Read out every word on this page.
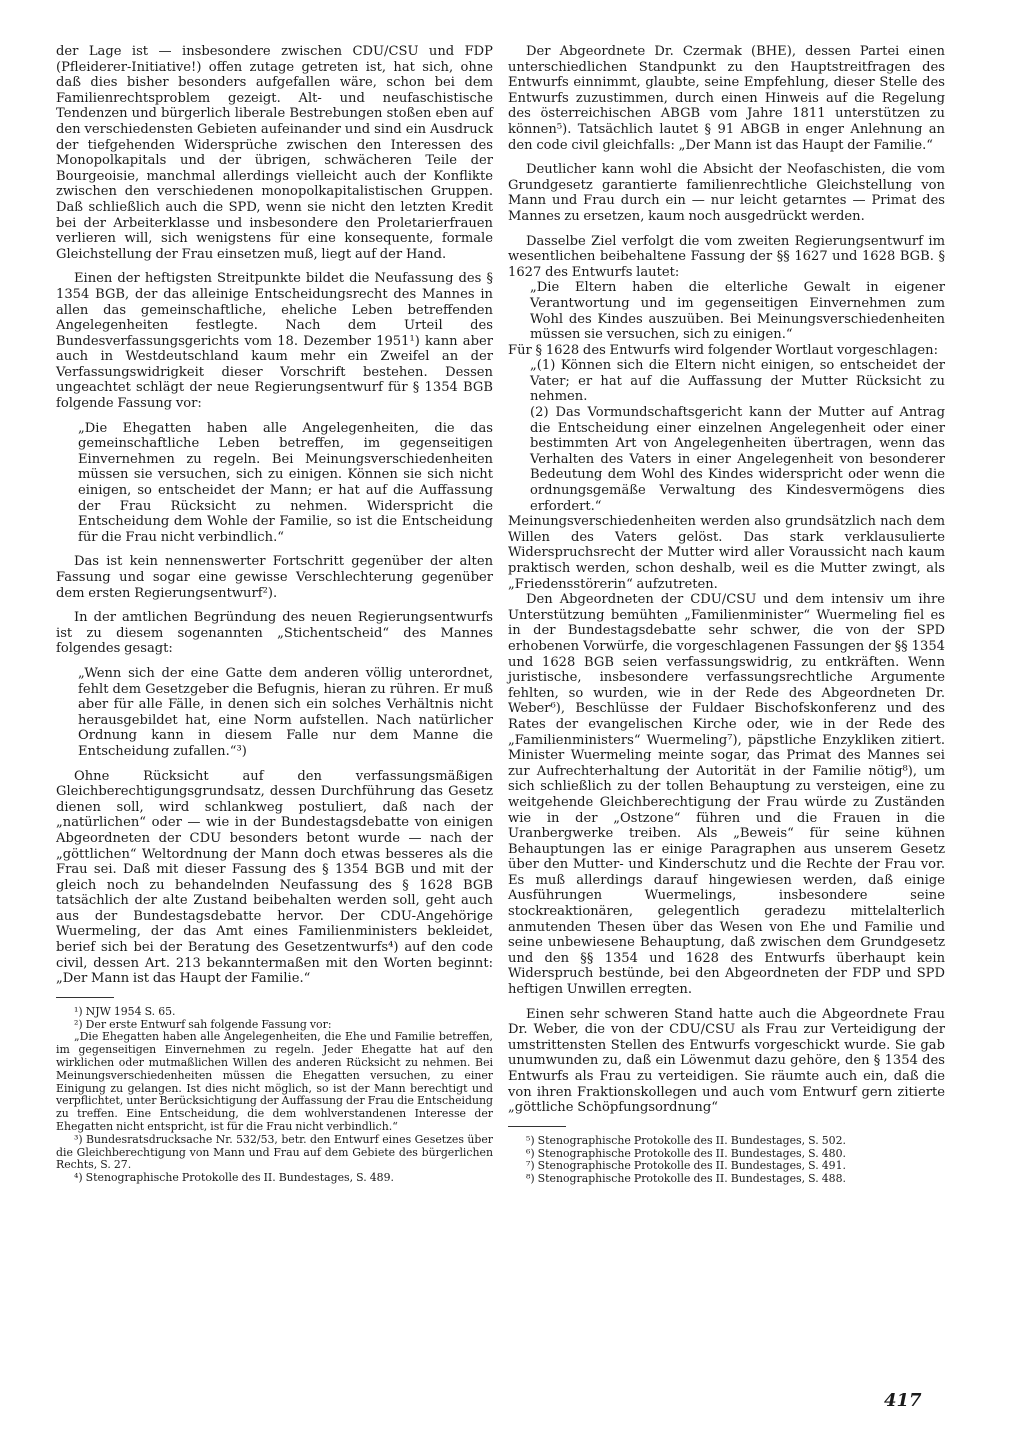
der Lage ist — insbesondere zwischen CDU/CSU und FDP (Pfleiderer-Initiative!) offen zutage getreten ist, hat sich, ohne daß dies bisher besonders aufgefallen wäre, schon bei dem Familienrechtsproblem gezeigt. Alt- und neufaschistische Tendenzen und bürgerlich liberale Bestrebungen stoßen eben auf den verschiedensten Gebieten aufeinander und sind ein Ausdruck der tiefgehenden Widersprüche zwischen den Interessen des Monopolkapitals und der übrigen, schwächeren Teile der Bourgeoisie, manchmal allerdings vielleicht auch der Konflikte zwischen den verschiedenen monopolkapitalistischen Gruppen. Daß schließlich auch die SPD, wenn sie nicht den letzten Kredit bei der Arbeiterklasse und insbesondere den Proletarierfrauen verlieren will, sich wenigstens für eine konsequente, formale Gleichstellung der Frau einsetzen muß, liegt auf der Hand.

Einen der heftigsten Streitpunkte bildet die Neufassung des § 1354 BGB, der das alleinige Entscheidungsrecht des Mannes in allen das gemeinschaftliche, eheliche Leben betreffenden Angelegenheiten festlegte. Nach dem Urteil des Bundesverfassungsgerichts vom 18. Dezember 1951¹) kann aber auch in Westdeutschland kaum mehr ein Zweifel an der Verfassungswidrigkeit dieser Vorschrift bestehen. Dessen ungeachtet schlägt der neue Regierungsentwurf für § 1354 BGB folgende Fassung vor:

„Die Ehegatten haben alle Angelegenheiten, die das gemeinschaftliche Leben betreffen, im gegenseitigen Einvernehmen zu regeln. Bei Meinungsverschiedenheiten müssen sie versuchen, sich zu einigen. Können sie sich nicht einigen, so entscheidet der Mann; er hat auf die Auffassung der Frau Rücksicht zu nehmen. Widerspricht die Entscheidung dem Wohle der Familie, so ist die Entscheidung für die Frau nicht verbindlich.“

Das ist kein nennenswerter Fortschritt gegenüber der alten Fassung und sogar eine gewisse Verschlechterung gegenüber dem ersten Regierungsentwurf²).

In der amtlichen Begründung des neuen Regierungsentwurfs ist zu diesem sogenannten „Stichentscheid“ des Mannes folgendes gesagt:

„Wenn sich der eine Gatte dem anderen völlig unterordnet, fehlt dem Gesetzgeber die Befugnis, hieran zu rühren. Er muß aber für alle Fälle, in denen sich ein solches Verhältnis nicht herausgebildet hat, eine Norm aufstellen. Nach natürlicher Ordnung kann in diesem Falle nur dem Manne die Entscheidung zufallen.“³)

Ohne Rücksicht auf den verfassungsmäßigen Gleichberechtigungsgrundsatz, dessen Durchführung das Gesetz dienen soll, wird schlankweg postuliert, daß nach der „natürlichen“ oder — wie in der Bundestagsdebatte von einigen Abgeordneten der CDU besonders betont wurde — nach der „göttlichen“ Weltordnung der Mann doch etwas besseres als die Frau sei. Daß mit dieser Fassung des § 1354 BGB und mit der gleich noch zu behandelnden Neufassung des § 1628 BGB tatsächlich der alte Zustand beibehalten werden soll, geht auch aus der Bundestagsdebatte hervor. Der CDU-Angehörige Wuermeling, der das Amt eines Familienministers bekleidet, berief sich bei der Beratung des Gesetzentwurfs⁴) auf den code civil, dessen Art. 213 bekanntermaßen mit den Worten beginnt: „Der Mann ist das Haupt der Familie.“

¹) NJW 1954 S. 65.

²) Der erste Entwurf sah folgende Fassung vor:

„Die Ehegatten haben alle Angelegenheiten, die Ehe und Familie betreffen, im gegenseitigen Einvernehmen zu regeln. Jeder Ehegatte hat auf den wirklichen oder mutmaßlichen Willen des anderen Rücksicht zu nehmen. Bei Meinungsverschiedenheiten müssen die Ehegatten versuchen, zu einer Einigung zu gelangen. Ist dies nicht möglich, so ist der Mann berechtigt und verpflichtet, unter Berücksichtigung der Auffassung der Frau die Entscheidung zu treffen. Eine Entscheidung, die dem wohlverstandenen Interesse der Ehegatten nicht entspricht, ist für die Frau nicht verbindlich.“

³) Bundesratsdrucksache Nr. 532/53, betr. den Entwurf eines Gesetzes über die Gleichberechtigung von Mann und Frau auf dem Gebiete des bürgerlichen Rechts, S. 27.

⁴) Stenographische Protokolle des II. Bundestages, S. 489.

Der Abgeordnete Dr. Czermak (BHE), dessen Partei einen unterschiedlichen Standpunkt zu den Hauptstreitfragen des Entwurfs einnimmt, glaubte, seine Empfehlung, dieser Stelle des Entwurfs zuzustimmen, durch einen Hinweis auf die Regelung des österreichischen ABGB vom Jahre 1811 unterstützen zu können⁵). Tatsächlich lautet § 91 ABGB in enger Anlehnung an den code civil gleichfalls: „Der Mann ist das Haupt der Familie.“

Deutlicher kann wohl die Absicht der Neofaschisten, die vom Grundgesetz garantierte familienrechtliche Gleichstellung von Mann und Frau durch ein — nur leicht getarntes — Primat des Mannes zu ersetzen, kaum noch ausgedrückt werden.

Dasselbe Ziel verfolgt die vom zweiten Regierungsentwurf im wesentlichen beibehaltene Fassung der §§ 1627 und 1628 BGB. § 1627 des Entwurfs lautet:

„Die Eltern haben die elterliche Gewalt in eigener Verantwortung und im gegenseitigen Einvernehmen zum Wohl des Kindes auszuüben. Bei Meinungsverschiedenheiten müssen sie versuchen, sich zu einigen.“

Für § 1628 des Entwurfs wird folgender Wortlaut vorgeschlagen:

„(1) Können sich die Eltern nicht einigen, so entscheidet der Vater; er hat auf die Auffassung der Mutter Rücksicht zu nehmen.

(2) Das Vormundschaftsgericht kann der Mutter auf Antrag die Entscheidung einer einzelnen Angelegenheit oder einer bestimmten Art von Angelegenheiten übertragen, wenn das Verhalten des Vaters in einer Angelegenheit von besonderer Bedeutung dem Wohl des Kindes widerspricht oder wenn die ordnungsgemäße Verwaltung des Kindesvermögens dies erfordert.“

Meinungsverschiedenheiten werden also grundsätzlich nach dem Willen des Vaters gelöst. Das stark verklausulierte Widerspruchsrecht der Mutter wird aller Voraussicht nach kaum praktisch werden, schon deshalb, weil es die Mutter zwingt, als „Friedensstörerin“ aufzutreten.

Den Abgeordneten der CDU/CSU und dem intensiv um ihre Unterstützung bemühten „Familienminister“ Wuermeling fiel es in der Bundestagsdebatte sehr schwer, die von der SPD erhobenen Vorwürfe, die vorgeschlagenen Fassungen der §§ 1354 und 1628 BGB seien verfassungswidrig, zu entkräften. Wenn juristische, insbesondere verfassungsrechtliche Argumente fehlten, so wurden, wie in der Rede des Abgeordneten Dr. Weber⁶), Beschlüsse der Fuldaer Bischofskonferenz und des Rates der evangelischen Kirche oder, wie in der Rede des „Familienministers“ Wuermeling⁷), päpstliche Enzykliken zitiert. Minister Wuermeling meinte sogar, das Primat des Mannes sei zur Aufrechterhaltung der Autorität in der Familie nötig⁸), um sich schließlich zu der tollen Behauptung zu versteigen, eine zu weitgehende Gleichberechtigung der Frau würde zu Zuständen wie in der „Ostzone“ führen und die Frauen in die Uranbergwerke treiben. Als „Beweis“ für seine kühnen Behauptungen las er einige Paragraphen aus unserem Gesetz über den Mutter- und Kinderschutz und die Rechte der Frau vor. Es muß allerdings darauf hingewiesen werden, daß einige Ausführungen Wuermelings, insbesondere seine stockreaktionären, gelegentlich geradezu mittelalterlich anmutenden Thesen über das Wesen von Ehe und Familie und seine unbewiesene Behauptung, daß zwischen dem Grundgesetz und den §§ 1354 und 1628 des Entwurfs überhaupt kein Widerspruch bestünde, bei den Abgeordneten der FDP und SPD heftigen Unwillen erregten.

Einen sehr schweren Stand hatte auch die Abgeordnete Frau Dr. Weber, die von der CDU/CSU als Frau zur Verteidigung der umstrittensten Stellen des Entwurfs vorgeschickt wurde. Sie gab unumwunden zu, daß ein Löwenmut dazu gehöre, den § 1354 des Entwurfs als Frau zu verteidigen. Sie räumte auch ein, daß die von ihren Fraktionskollegen und auch vom Entwurf gern zitierte „göttliche Schöpfungsordnung“

⁵) Stenographische Protokolle des II. Bundestages, S. 502.

⁶) Stenographische Protokolle des II. Bundestages, S. 480.

⁷) Stenographische Protokolle des II. Bundestages, S. 491.

⁸) Stenographische Protokolle des II. Bundestages, S. 488.

417
